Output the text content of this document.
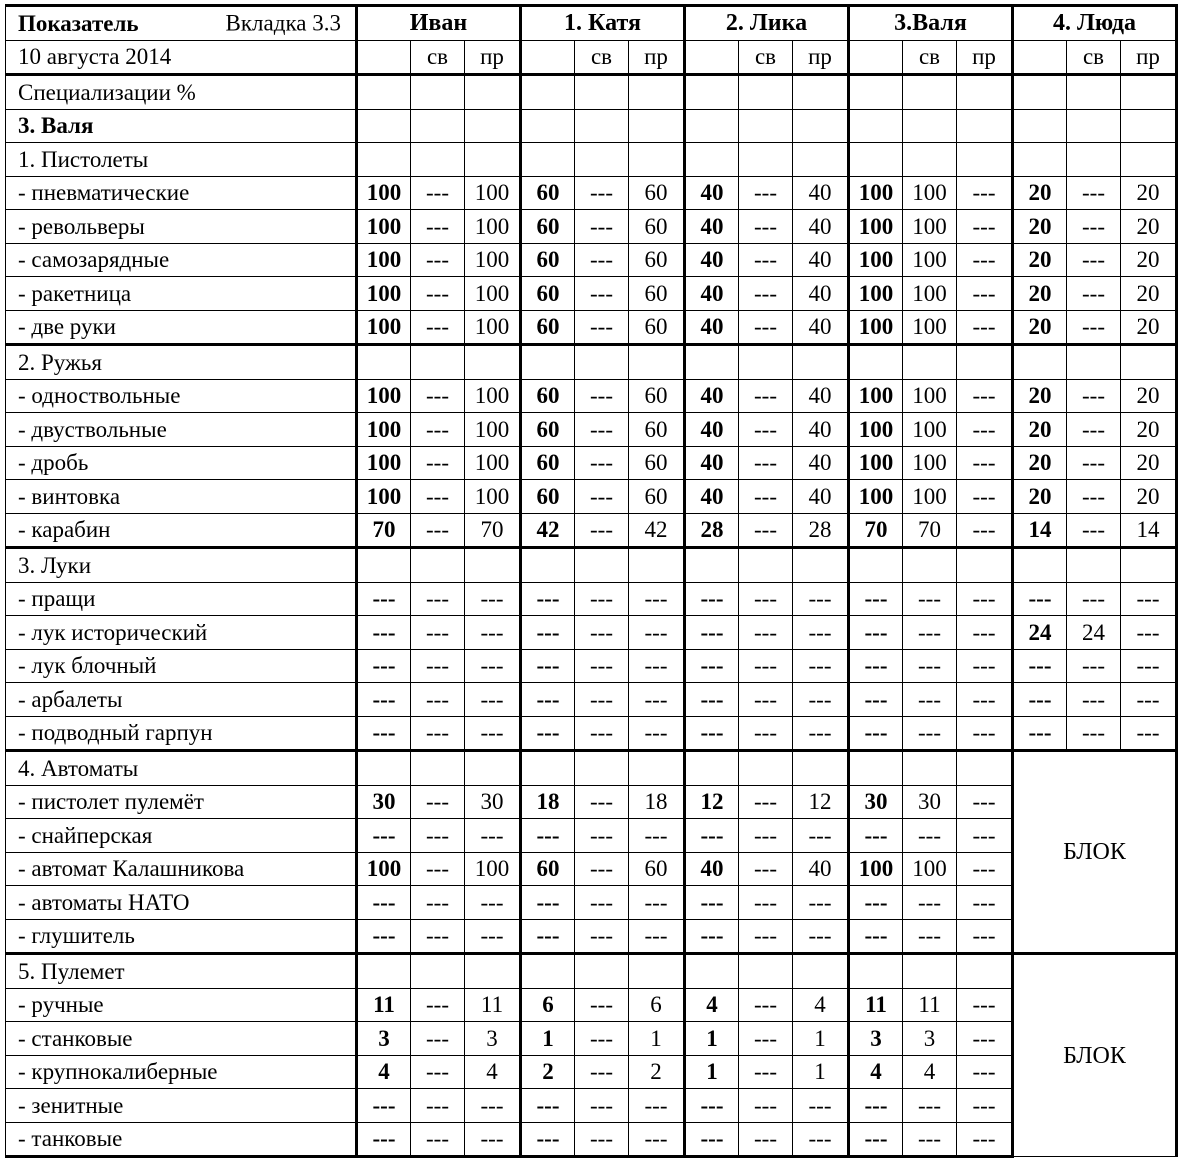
Показатель Вкладка 3.3	Иван			1. Катя			2. Лика			3.Валя			4. Люда		
10 августа 2014		св	пр		св	пр		св	пр		св	пр		св	пр
Специализации %															
3. Валя															
1. Пистолеты															
- пневматические	100	---	100	60	---	60	40	---	40	100	100	---	20	---	20
- револьверы	100	---	100	60	---	60	40	---	40	100	100	---	20	---	20
- самозарядные	100	---	100	60	---	60	40	---	40	100	100	---	20	---	20
- ракетница	100	---	100	60	---	60	40	---	40	100	100	---	20	---	20
- две руки	100	---	100	60	---	60	40	---	40	100	100	---	20	---	20
2. Ружья															
- одноствольные	100	---	100	60	---	60	40	---	40	100	100	---	20	---	20
- двуствольные	100	---	100	60	---	60	40	---	40	100	100	---	20	---	20
- дробь	100	---	100	60	---	60	40	---	40	100	100	---	20	---	20
- винтовка	100	---	100	60	---	60	40	---	40	100	100	---	20	---	20
- карабин	70	---	70	42	---	42	28	---	28	70	70	---	14	---	14
3. Луки															
- пращи	---	---	---	---	---	---	---	---	---	---	---	---	---	---	---
- лук исторический	---	---	---	---	---	---	---	---	---	---	---	---	24	24	---
- лук блочный	---	---	---	---	---	---	---	---	---	---	---	---	---	---	---
- арбалеты	---	---	---	---	---	---	---	---	---	---	---	---	---	---	---
- подводный гарпун	---	---	---	---	---	---	---	---	---	---	---	---	---	---	---
4. Автоматы													БЛОК		
- пистолет пулемёт	30	---	30	18	---	18	12	---	12	30	30	---			
- снайперская	---	---	---	---	---	---	---	---	---	---	---	---			
- автомат Калашникова	100	---	100	60	---	60	40	---	40	100	100	---			
- автоматы НАТО	---	---	---	---	---	---	---	---	---	---	---	---			
- глушитель	---	---	---	---	---	---	---	---	---	---	---	---			
5. Пулемет													БЛОК		
- ручные	11	---	11	6	---	6	4	---	4	11	11	---			
- станковые	3	---	3	1	---	1	1	---	1	3	3	---			
- крупнокалиберные	4	---	4	2	---	2	1	---	1	4	4	---			
- зенитные	---	---	---	---	---	---	---	---	---	---	---	---			
- танковые	---	---	---	---	---	---	---	---	---	---	---	---			
